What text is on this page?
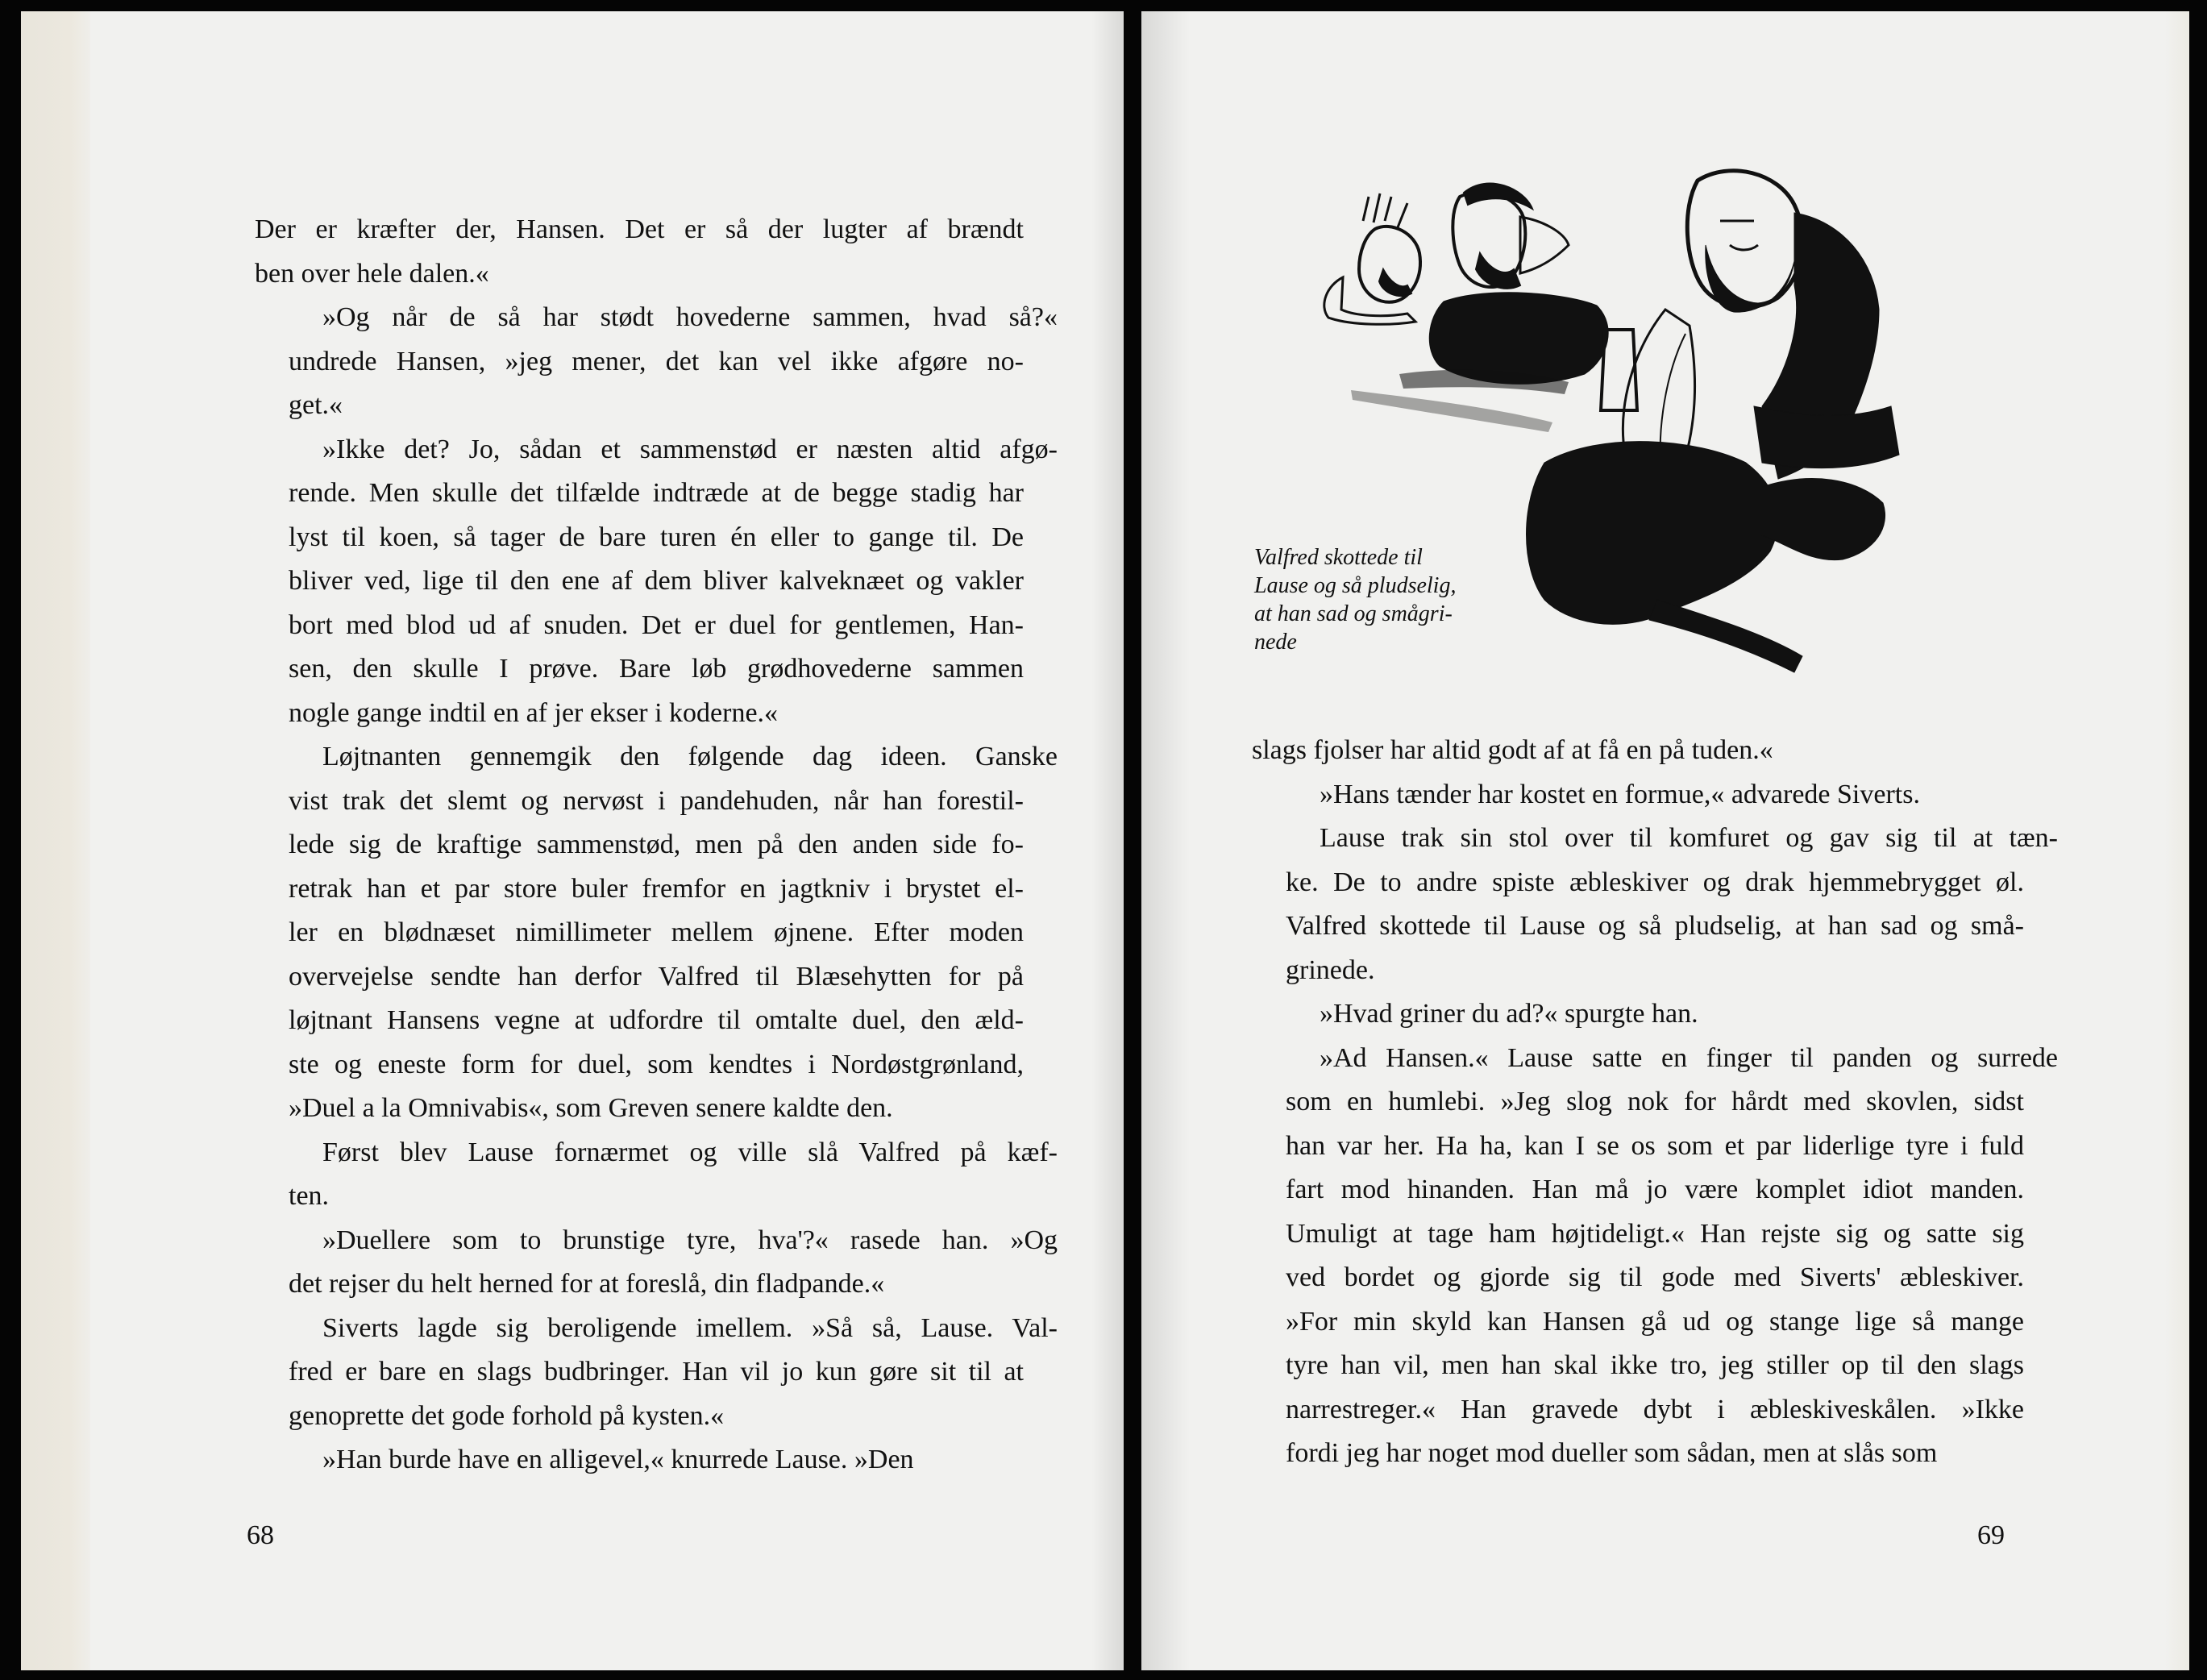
Der er kræfter der, Hansen. Det er så der lugter af brændtben over hele dalen.«

»Og når de så har stødt hovederne sammen, hvad så?«undrede Hansen, »jeg mener, det kan vel ikke afgøre no-get.«

»Ikke det? Jo, sådan et sammenstød er næsten altid afgø-rende. Men skulle det tilfælde indtræde at de begge stadig harlyst til koen, så tager de bare turen én eller to gange til. Debliver ved, lige til den ene af dem bliver kalveknæet og vaklerbort med blod ud af snuden. Det er duel for gentlemen, Han-sen, den skulle I prøve. Bare løb grødhovederne sammennogle gange indtil en af jer ekser i koderne.«

Løjtnanten gennemgik den følgende dag ideen. Ganskevist trak det slemt og nervøst i pandehuden, når han forestil-lede sig de kraftige sammenstød, men på den anden side fo-retrak han et par store buler fremfor en jagtkniv i brystet el-ler en blødnæset nimillimeter mellem øjnene. Efter modenovervejelse sendte han derfor Valfred til Blæsehytten for påløjtnant Hansens vegne at udfordre til omtalte duel, den æld-ste og eneste form for duel, som kendtes i Nordøstgrønland,»Duel a la Omnivabis«, som Greven senere kaldte den.

Først blev Lause fornærmet og ville slå Valfred på kæf-ten.

»Duellere som to brunstige tyre, hva'?« rasede han. »Ogdet rejser du helt herned for at foreslå, din fladpande.«

Siverts lagde sig beroligende imellem. »Så så, Lause. Val-fred er bare en slags budbringer. Han vil jo kun gøre sit til atgenoprette det gode forhold på kysten.«

»Han burde have en alligevel,« knurrede Lause. »Den

68
Valfred skottede til
Lause og så pludselig,
at han sad og smågri-
nede

slags fjolser har altid godt af at få en på tuden.«

»Hans tænder har kostet en formue,« advarede Siverts.

Lause trak sin stol over til komfuret og gav sig til at tæn-ke. De to andre spiste æbleskiver og drak hjemmebrygget øl.Valfred skottede til Lause og så pludselig, at han sad og små-grinede.

»Hvad griner du ad?« spurgte han.

»Ad Hansen.« Lause satte en finger til panden og surredesom en humlebi. »Jeg slog nok for hårdt med skovlen, sidsthan var her. Ha ha, kan I se os som et par liderlige tyre i fuldfart mod hinanden. Han må jo være komplet idiot manden.Umuligt at tage ham højtideligt.« Han rejste sig og satte sigved bordet og gjorde sig til gode med Siverts' æbleskiver.»For min skyld kan Hansen gå ud og stange lige så mangetyre han vil, men han skal ikke tro, jeg stiller op til den slagsnarrestreger.« Han gravede dybt i æbleskiveskålen. »Ikkefordi jeg har noget mod dueller som sådan, men at slås som

69
